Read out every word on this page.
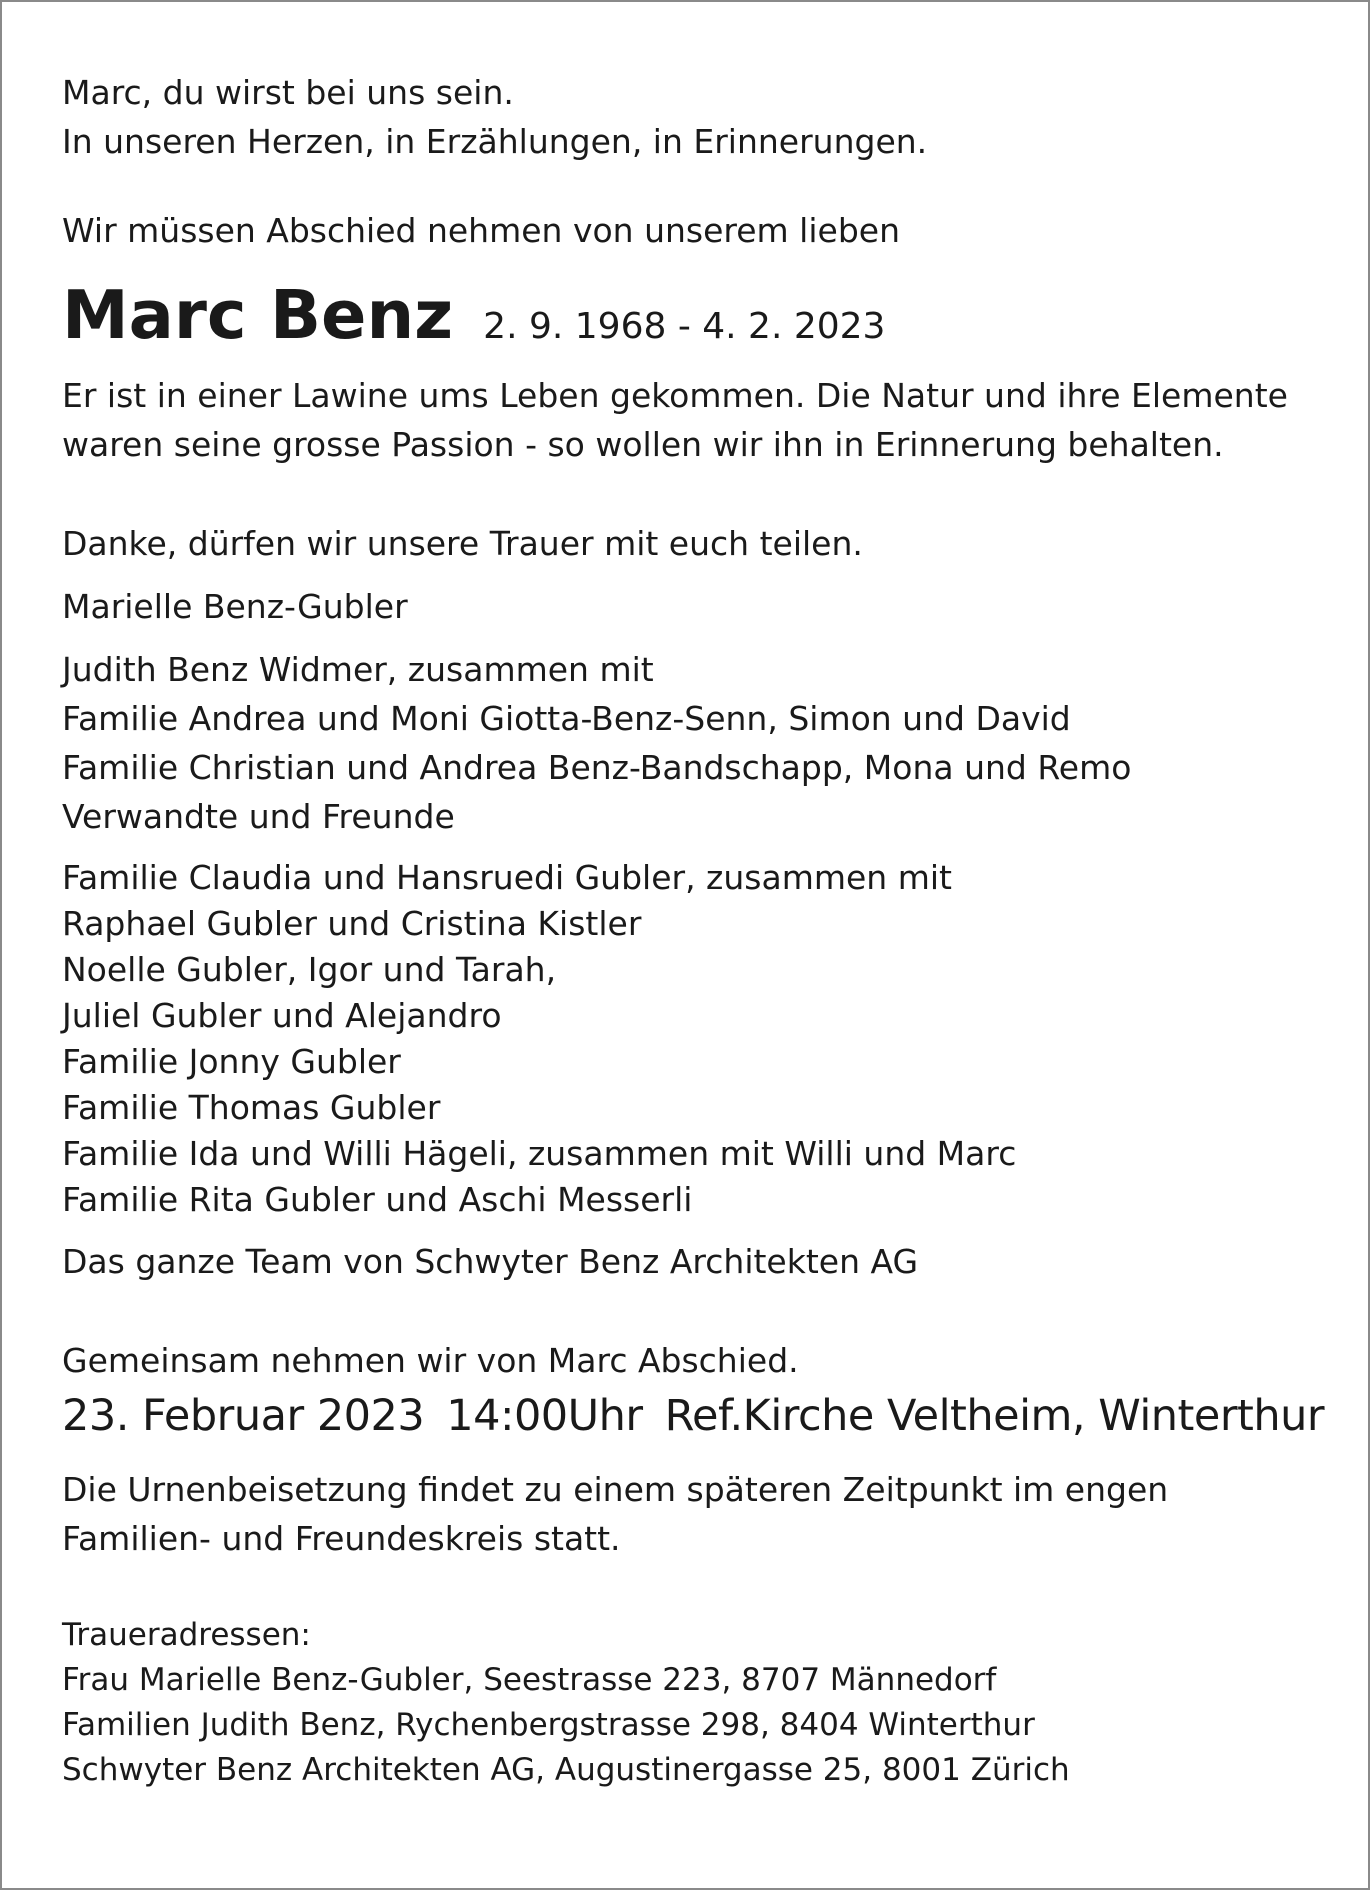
Marc, du wirst bei uns sein.
In unseren Herzen, in Erzählungen, in Erinnerungen.

Wir müssen Abschied nehmen von unserem lieben

Marc Benz 2. 9. 1968 - 4. 2. 2023

Er ist in einer Lawine ums Leben gekommen. Die Natur und ihre Elemente
waren seine grosse Passion - so wollen wir ihn in Erinnerung behalten.

Danke, dürfen wir unsere Trauer mit euch teilen.

Marielle Benz-Gubler

Judith Benz Widmer, zusammen mit
Familie Andrea und Moni Giotta-Benz-Senn, Simon und David
Familie Christian und Andrea Benz-Bandschapp, Mona und Remo
Verwandte und Freunde

Familie Claudia und Hansruedi Gubler, zusammen mit
Raphael Gubler und Cristina Kistler
Noelle Gubler, Igor und Tarah,
Juliel Gubler und Alejandro
Familie Jonny Gubler
Familie Thomas Gubler
Familie Ida und Willi Hägeli, zusammen mit Willi und Marc
Familie Rita Gubler und Aschi Messerli

Das ganze Team von Schwyter Benz Architekten AG

Gemeinsam nehmen wir von Marc Abschied.

23. Februar 2023 14:00Uhr Ref.Kirche Veltheim, Winterthur

Die Urnenbeisetzung findet zu einem späteren Zeitpunkt im engen
Familien- und Freundeskreis statt.

Traueradressen:
Frau Marielle Benz-Gubler, Seestrasse 223, 8707 Männedorf
Familien Judith Benz, Rychenbergstrasse 298, 8404 Winterthur
Schwyter Benz Architekten AG, Augustinergasse 25, 8001 Zürich
